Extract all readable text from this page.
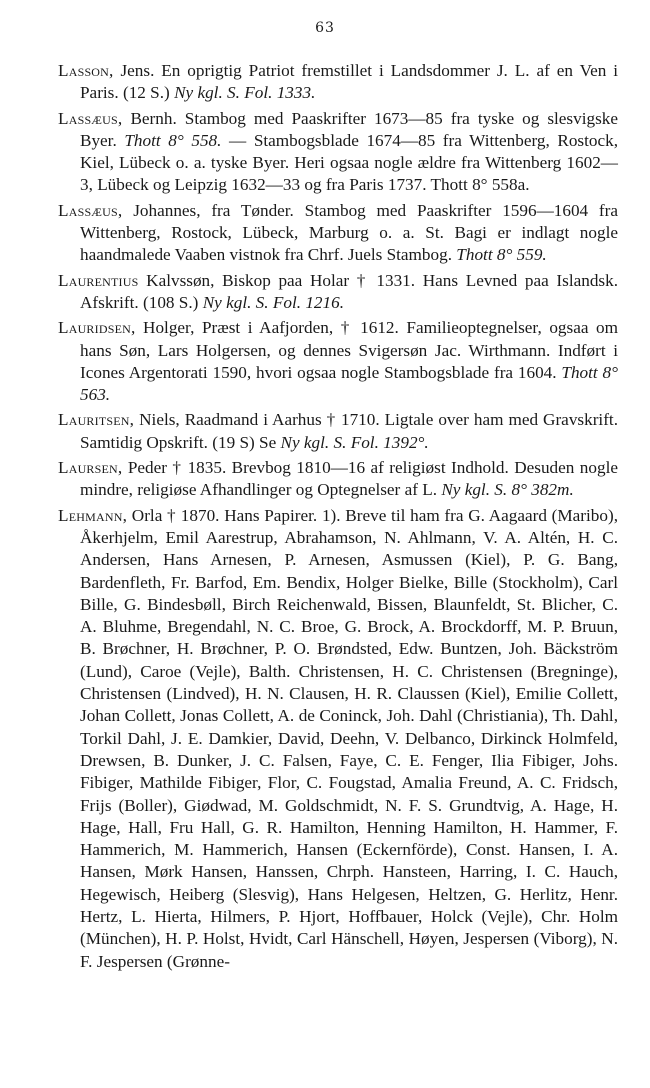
63

Lasson, Jens. En oprigtig Patriot fremstillet i Landsdommer J. L. af en Ven i Paris. (12 S.) Ny kgl. S. Fol. 1333.

Lassæus, Bernh. Stambog med Paaskrifter 1673—85 fra tyske og slesvigske Byer. Thott 8° 558. — Stambogsblade 1674—85 fra Wittenberg, Rostock, Kiel, Lübeck o. a. tyske Byer. Heri ogsaa nogle ældre fra Wittenberg 1602—3, Lübeck og Leipzig 1632—33 og fra Paris 1737. Thott 8° 558a.

Lassæus, Johannes, fra Tønder. Stambog med Paaskrifter 1596—1604 fra Wittenberg, Rostock, Lübeck, Marburg o. a. St. Bagi er indlagt nogle haandmalede Vaaben vistnok fra Chrf. Juels Stambog. Thott 8° 559.

Laurentius Kalvssøn, Biskop paa Holar † 1331. Hans Levned paa Islandsk. Afskrift. (108 S.) Ny kgl. S. Fol. 1216.

Lauridsen, Holger, Præst i Aafjorden, † 1612. Familieoptegnelser, ogsaa om hans Søn, Lars Holgersen, og dennes Svigersøn Jac. Wirthmann. Indført i Icones Argentorati 1590, hvori ogsaa nogle Stambogsblade fra 1604. Thott 8° 563.

Lauritsen, Niels, Raadmand i Aarhus † 1710. Ligtale over ham med Gravskrift. Samtidig Opskrift. (19 S) Se Ny kgl. S. Fol. 1392°.

Laursen, Peder † 1835. Brevbog 1810—16 af religiøst Indhold. Desuden nogle mindre, religiøse Afhandlinger og Optegnelser af L. Ny kgl. S. 8° 382m.

Lehmann, Orla † 1870. Hans Papirer. 1). Breve til ham fra G. Aagaard (Maribo), Åkerhjelm, Emil Aarestrup, Abrahamson, N. Ahlmann, V. A. Altén, H. C. Andersen, Hans Arnesen, P. Arnesen, Asmussen (Kiel), P. G. Bang, Bardenfleth, Fr. Barfod, Em. Bendix, Holger Bielke, Bille (Stockholm), Carl Bille, G. Bindesbøll, Birch Reichenwald, Bissen, Blaunfeldt, St. Blicher, C. A. Bluhme, Bregendahl, N. C. Broe, G. Brock, A. Brockdorff, M. P. Bruun, B. Brøchner, H. Brøchner, P. O. Brøndsted, Edw. Buntzen, Joh. Bäckström (Lund), Caroe (Vejle), Balth. Christensen, H. C. Christensen (Bregninge), Christensen (Lindved), H. N. Clausen, H. R. Claussen (Kiel), Emilie Collett, Johan Collett, Jonas Collett, A. de Coninck, Joh. Dahl (Christiania), Th. Dahl, Torkil Dahl, J. E. Damkier, David, Deehn, V. Delbanco, Dirkinck Holmfeld, Drewsen, B. Dunker, J. C. Falsen, Faye, C. E. Fenger, Ilia Fibiger, Johs. Fibiger, Mathilde Fibiger, Flor, C. Fougstad, Amalia Freund, A. C. Fridsch, Frijs (Boller), Giødwad, M. Goldschmidt, N. F. S. Grundtvig, A. Hage, H. Hage, Hall, Fru Hall, G. R. Hamilton, Henning Hamilton, H. Hammer, F. Hammerich, M. Hammerich, Hansen (Eckernförde), Const. Hansen, I. A. Hansen, Mørk Hansen, Hanssen, Chrph. Hansteen, Harring, I. C. Hauch, Hegewisch, Heiberg (Slesvig), Hans Helgesen, Heltzen, G. Herlitz, Henr. Hertz, L. Hierta, Hilmers, P. Hjort, Hoffbauer, Holck (Vejle), Chr. Holm (München), H. P. Holst, Hvidt, Carl Hänschell, Høyen, Jespersen (Viborg), N. F. Jespersen (Grønne-
